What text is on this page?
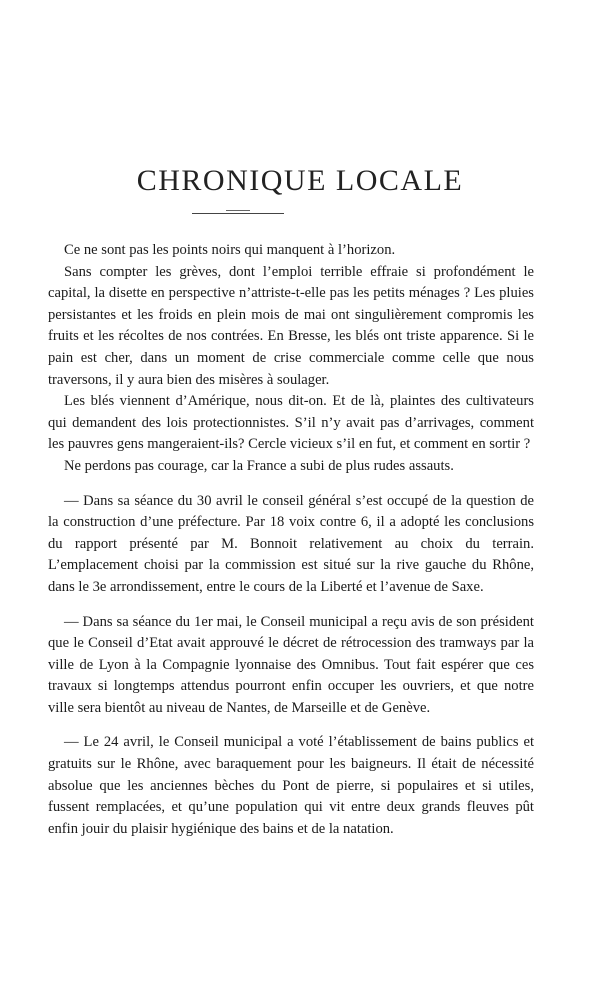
CHRONIQUE LOCALE

Ce ne sont pas les points noirs qui manquent à l’horizon.

Sans compter les grèves, dont l’emploi terrible effraie si profondément le capital, la disette en perspective n’attriste-t-elle pas les petits ménages ? Les pluies persistantes et les froids en plein mois de mai ont singulièrement compromis les fruits et les récoltes de nos contrées. En Bresse, les blés ont triste apparence. Si le pain est cher, dans un moment de crise commerciale comme celle que nous traversons, il y aura bien des misères à soulager.

Les blés viennent d’Amérique, nous dit-on. Et de là, plaintes des cultivateurs qui demandent des lois protectionnistes. S’il n’y avait pas d’arrivages, comment les pauvres gens mangeraient-ils? Cercle vicieux s’il en fut, et comment en sortir ?

Ne perdons pas courage, car la France a subi de plus rudes assauts.

— Dans sa séance du 30 avril le conseil général s’est occupé de la question de la construction d’une préfecture. Par 18 voix contre 6, il a adopté les conclusions du rapport présenté par M. Bonnoit relativement au choix du terrain. L’emplacement choisi par la commission est situé sur la rive gauche du Rhône, dans le 3e arrondissement, entre le cours de la Liberté et l’avenue de Saxe.

— Dans sa séance du 1er mai, le Conseil municipal a reçu avis de son président que le Conseil d’Etat avait approuvé le décret de rétrocession des tramways par la ville de Lyon à la Compagnie lyonnaise des Omnibus. Tout fait espérer que ces travaux si longtemps attendus pourront enfin occuper les ouvriers, et que notre ville sera bientôt au niveau de Nantes, de Marseille et de Genève.

— Le 24 avril, le Conseil municipal a voté l’établissement de bains publics et gratuits sur le Rhône, avec baraquement pour les baigneurs. Il était de nécessité absolue que les anciennes bèches du Pont de pierre, si populaires et si utiles, fussent remplacées, et qu’une population qui vit entre deux grands fleuves pût enfin jouir du plaisir hygiénique des bains et de la natation.
